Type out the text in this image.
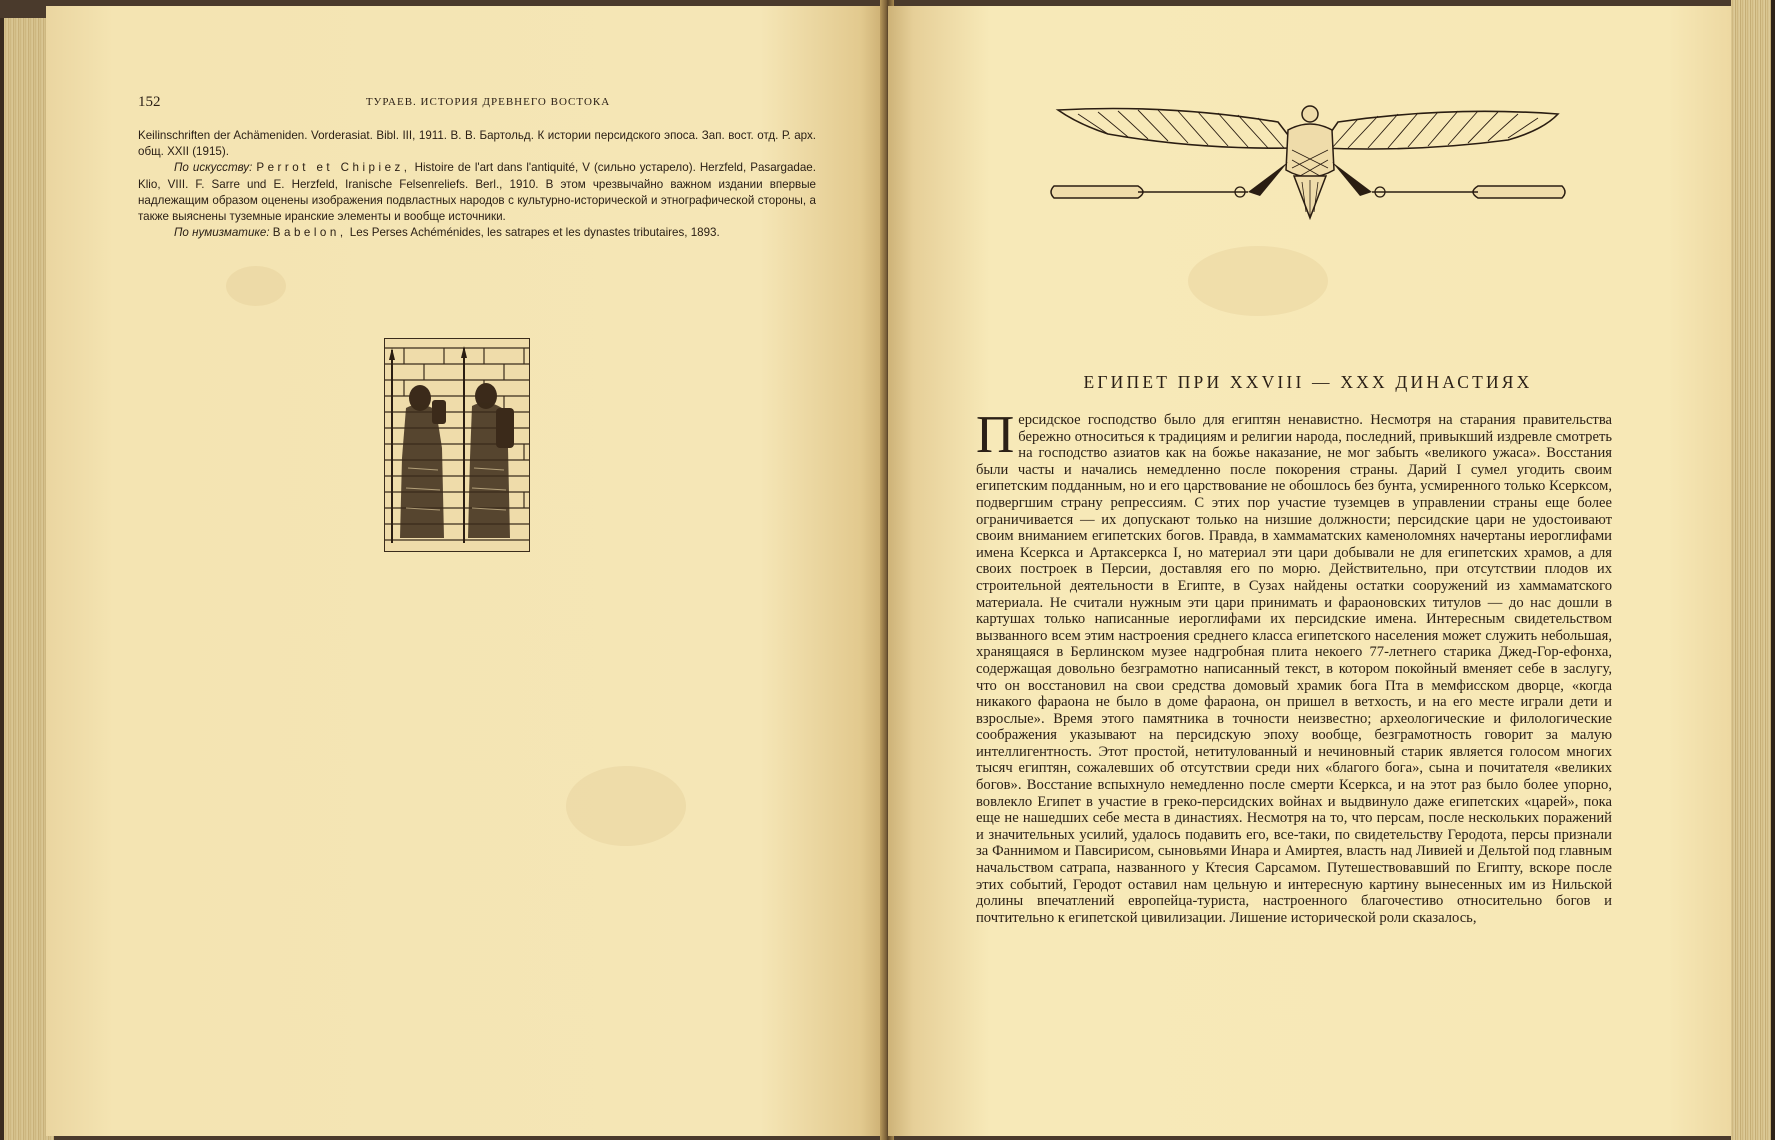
152	ТУРАЕВ. ИСТОРИЯ ДРЕВНЕГО ВОСТОКА

Keilinschriften der Achämeniden. Vorderasiat. Bibl. III, 1911. В. В. Бартольд. К истории персидского эпоса. Зап. вост. отд. Р. арх. общ. XXII (1915).

По искусству: Perrot et Chipiez, Histoire de l'art dans l'antiquité, V (сильно устарело). Herzfeld, Pasargadae. Klio, VIII. F. Sarre und E. Herzfeld, Iranische Felsenreliefs. Berl., 1910. В этом чрезвычайно важном издании впервые надлежащим образом оценены изображения подвластных народов с культурно-исторической и этнографической стороны, а также выяснены туземные иранские элементы и вообще источники.

По нумизматике: Babelon, Les Perses Achéménides, les satrapes et les dynastes tributaires, 1893.

ЕГИПЕТ ПРИ XXVIII — XXX ДИНАСТИЯХ
Персидское господство было для египтян ненавистно. Несмотря на старания правительства бережно относиться к традициям и религии народа, последний, привыкший издревле смотреть на господство азиатов как на божье наказание, не мог забыть «великого ужаса». Восстания были часты и начались немедленно после покорения страны. Дарий I сумел угодить своим египетским подданным, но и его царствование не обошлось без бунта, усмиренного только Ксерксом, подвергшим страну репрессиям. С этих пор участие туземцев в управлении страны еще более ограничивается — их допускают только на низшие должности; персидские цари не удостоивают своим вниманием египетских богов. Правда, в хаммаматских каменоломнях начертаны иероглифами имена Ксеркса и Артаксеркса I, но материал эти цари добывали не для египетских храмов, а для своих построек в Персии, доставляя его по морю. Действительно, при отсутствии плодов их строительной деятельности в Египте, в Сузах найдены остатки сооружений из хаммаматского материала. Не считали нужным эти цари принимать и фараоновских титулов — до нас дошли в картушах только написанные иероглифами их персидские имена. Интересным свидетельством вызванного всем этим настроения среднего класса египетского населения может служить небольшая, хранящаяся в Берлинском музее надгробная плита некоего 77-летнего старика Джед-Гор-ефонха, содержащая довольно безграмотно написанный текст, в котором покойный вменяет себе в заслугу, что он восстановил на свои средства домовый храмик бога Пта в мемфисском дворце, «когда никакого фараона не было в доме фараона, он пришел в ветхость, и на его месте играли дети и взрослые». Время этого памятника в точности неизвестно; археологические и филологические соображения указывают на персидскую эпоху вообще, безграмотность говорит за малую интеллигентность. Этот простой, нетитулованный и нечиновный старик является голосом многих тысяч египтян, сожалевших об отсутствии среди них «благого бога», сына и почитателя «великих богов». Восстание вспыхнуло немедленно после смерти Ксеркса, и на этот раз было более упорно, вовлекло Египет в участие в греко-персидских войнах и выдвинуло даже египетских «царей», пока еще не нашедших себе места в династиях. Несмотря на то, что персам, после нескольких поражений и значительных усилий, удалось подавить его, все-таки, по свидетельству Геродота, персы признали за Фаннимом и Павсирисом, сыновьями Инара и Амиртея, власть над Ливией и Дельтой под главным начальством сатрапа, названного у Ктесия Сарсамом. Путешествовавший по Египту, вскоре после этих событий, Геродот оставил нам цельную и интересную картину вынесенных им из Нильской долины впечатлений европейца-туриста, настроенного благочестиво относительно богов и почтительно к египетской цивилизации. Лишение исторической роли сказалось,
